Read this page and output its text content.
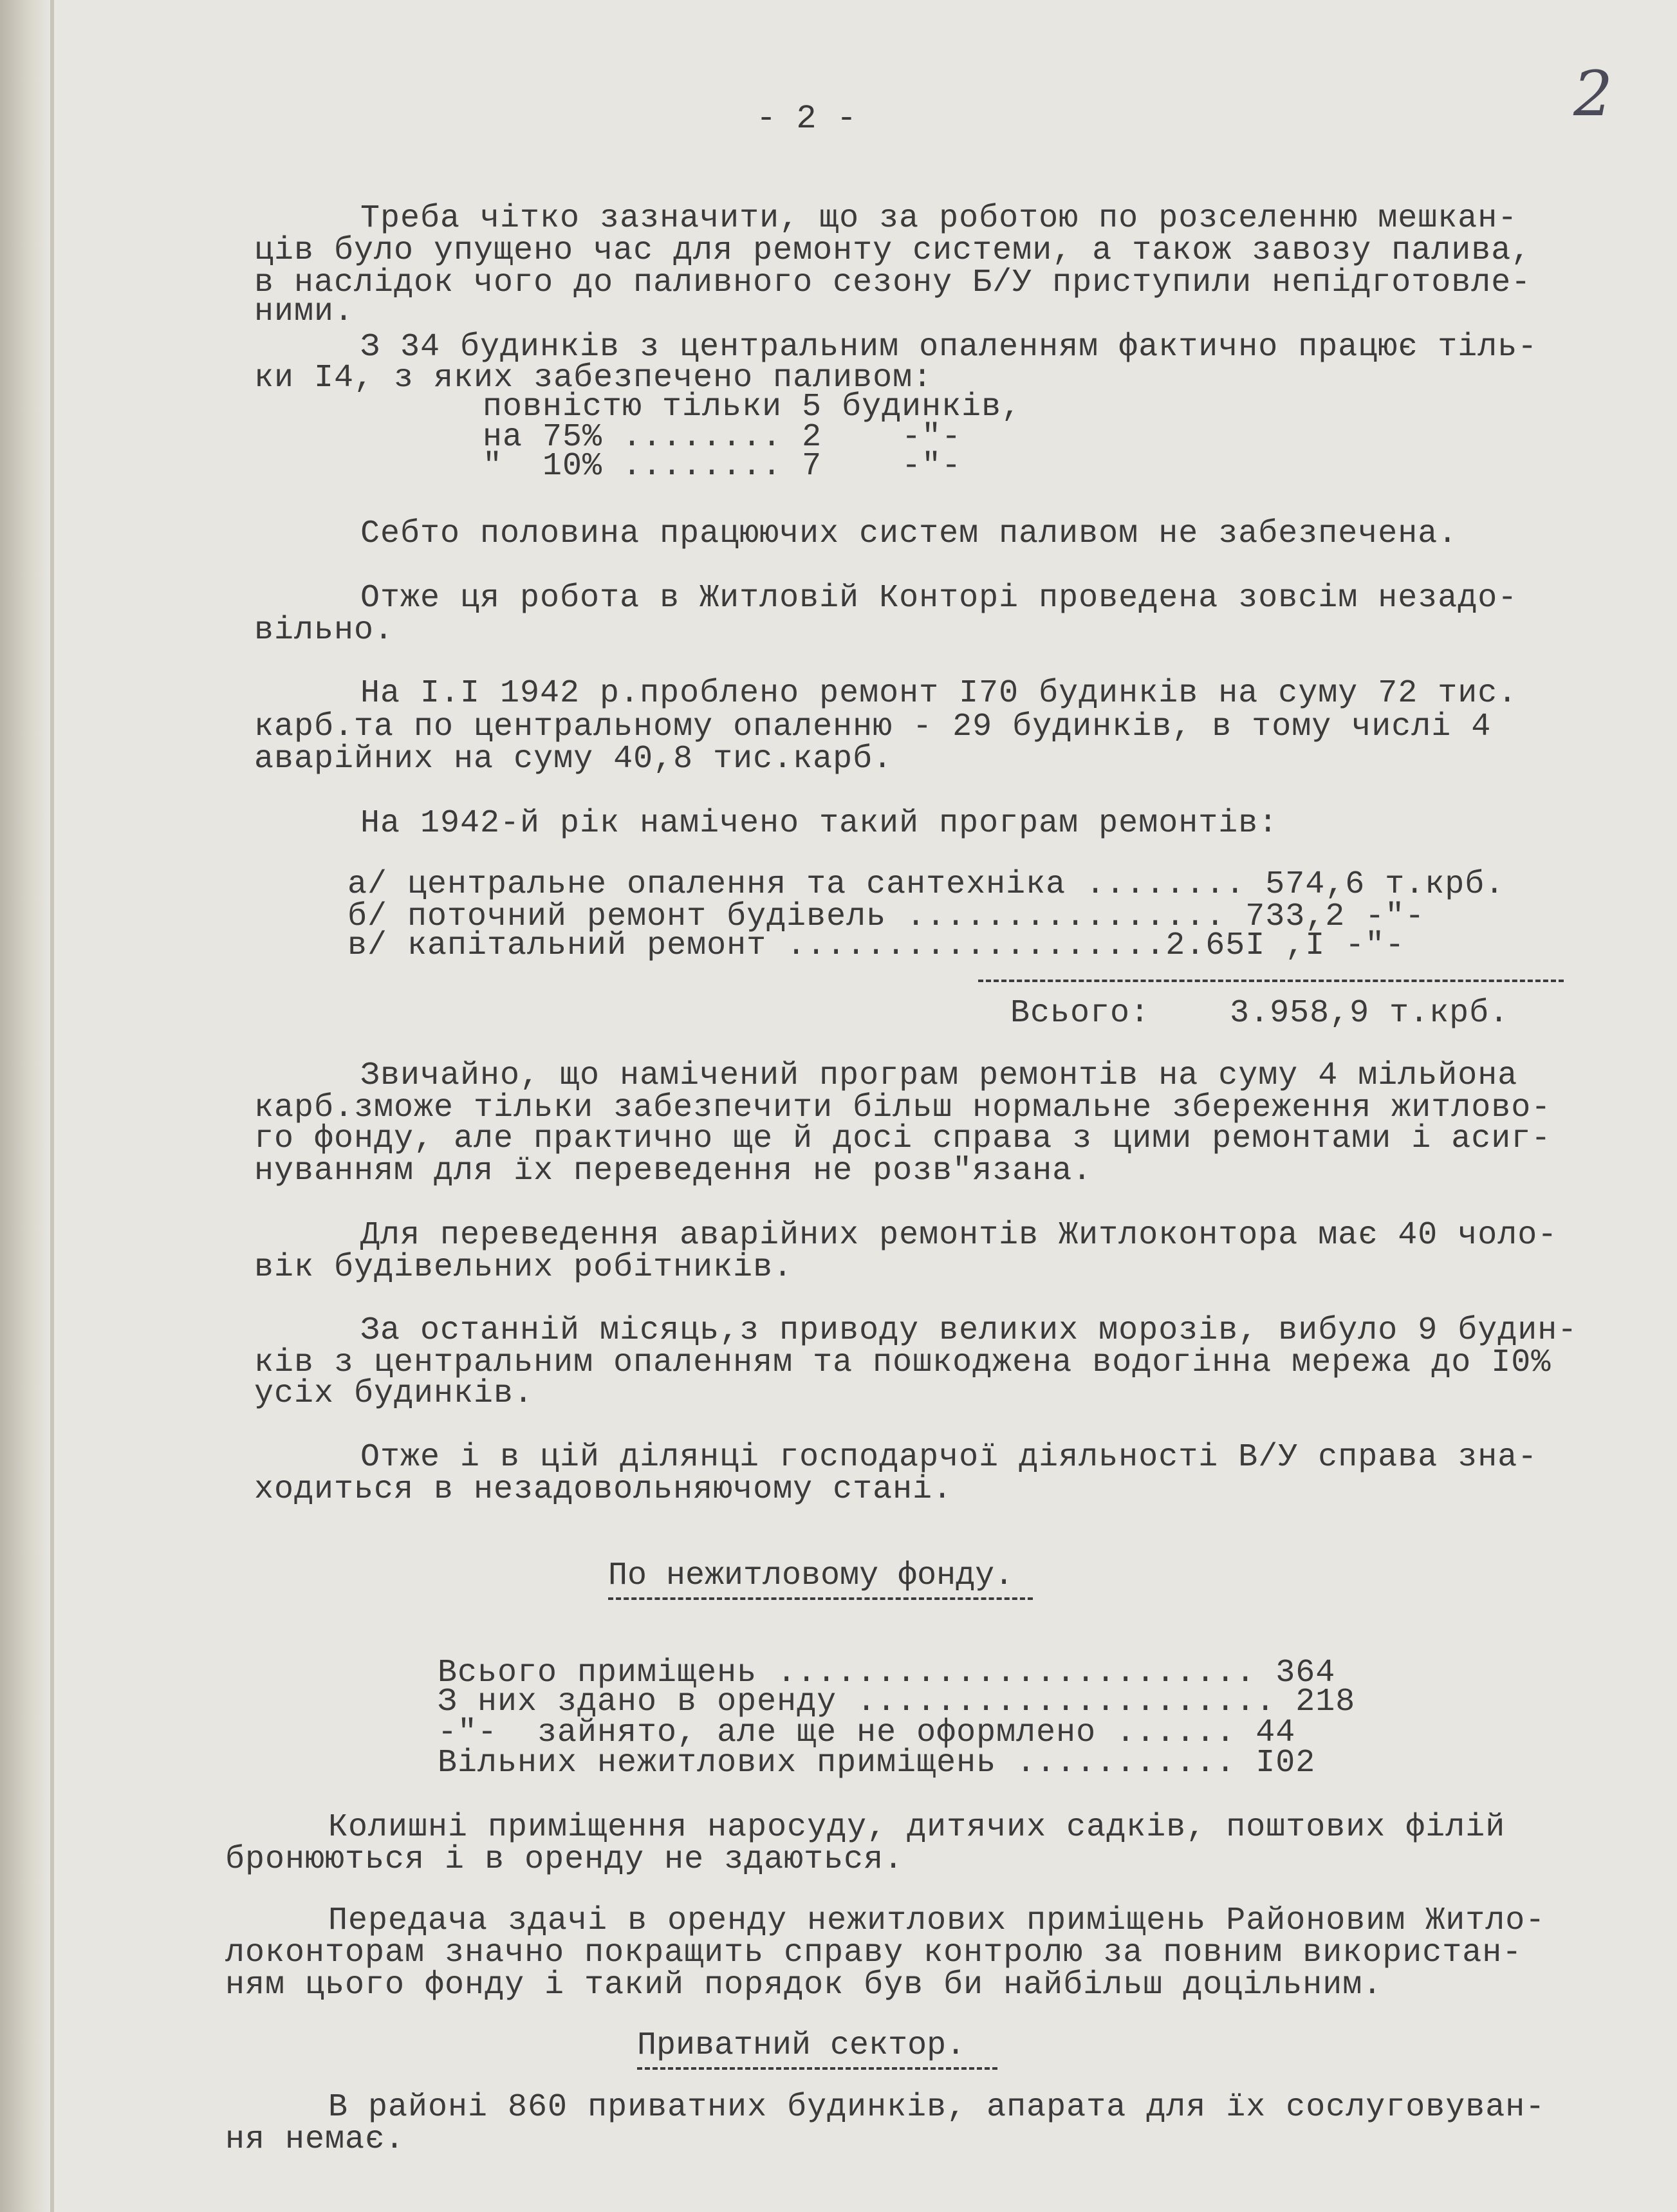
- 2 -	2
Треба чітко зазначити, що за роботою по розселенню мешкан-
ців було упущено час для ремонту системи, а також завозу палива,
в наслідок чого до паливного сезону Б/У приступили непідготовле-
ними.
З 34 будинків з центральним опаленням фактично працює тіль-
ки І4, з яких забезпечено паливом:
повністю тільки 5 будинків,
на 75% ........ 2    -"-
"  10% ........ 7    -"-
Себто половина працюючих систем паливом не забезпечена.
Отже ця робота в Житловій Конторі проведена зовсім незадо-
вільно.
На І.І 1942 р.проблено ремонт І70 будинків на суму 72 тис.
карб.та по центральному опаленню - 29 будинків, в тому числі 4
аварійних на суму 40,8 тис.карб.
На 1942-й рік намічено такий програм ремонтів:
а/ центральне опалення та сантехніка ........ 574,6 т.крб.
б/ поточний ремонт будівель ................ 733,2 -"-
в/ капітальний ремонт ...................2.65І ,І -"-
Всього:    3.958,9 т.крб.
Звичайно, що намічений програм ремонтів на суму 4 мільйона
карб.зможе тільки забезпечити більш нормальне збереження житлово-
го фонду, але практично ще й досі справа з цими ремонтами і асиг-
нуванням для їх переведення не розв"язана.
Для переведення аварійних ремонтів Житлоконтора має 40 чоло-
вік будівельних робітників.
За останній місяць,з приводу великих морозів, вибуло 9 будин-
ків з центральним опаленням та пошкоджена водогінна мережа до І0%
усіх будинків.
Отже і в цій ділянці господарчої діяльності В/У справа зна-
ходиться в незадовольняючому стані.
Всього приміщень ........................ 364
З них здано в оренду ..................... 218
-"-  зайнято, але ще не оформлено ...... 44
Вільних нежитлових приміщень ........... І02
Колишні приміщення наросуду, дитячих садків, поштових філій
бронюються і в оренду не здаються.
Передача здачі в оренду нежитлових приміщень Районовим Житло-
локонторам значно покращить справу контролю за повним використан-
ням цього фонду і такий порядок був би найбільш доцільним.
В районі 860 приватних будинків, апарата для їх сослуговуван-
ня немає.
По нежитловому фонду.
Приватний сектор.
